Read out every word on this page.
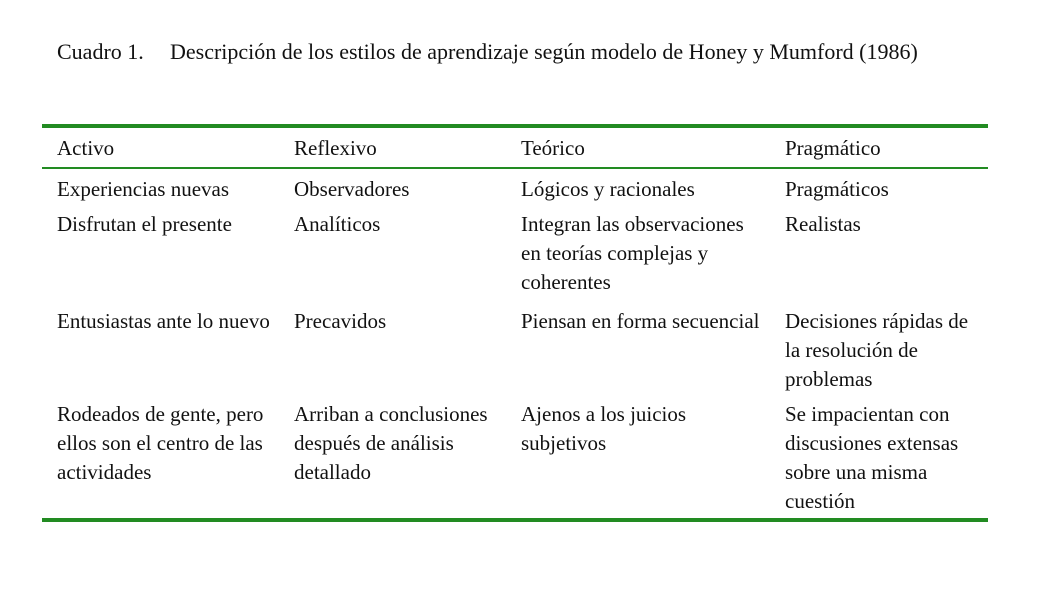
Cuadro 1. Descripción de los estilos de aprendizaje según modelo de Honey y Mumford (1986)
Activo	Reflexivo	Teórico	Pragmático
Experiencias nuevas	Observadores	Lógicos y racionales	Pragmáticos
Disfrutan el presente	Analíticos	Integran las observaciones en teorías complejas y coherentes	Realistas
Entusiastas ante lo nuevo	Precavidos	Piensan en forma secuencial	Decisiones rápidas de la resolución de problemas
Rodeados de gente, pero ellos son el centro de las actividades	Arriban a conclusiones después de análisis detallado	Ajenos a los juicios subjetivos	Se impacientan con discusiones extensas sobre una misma cuestión
